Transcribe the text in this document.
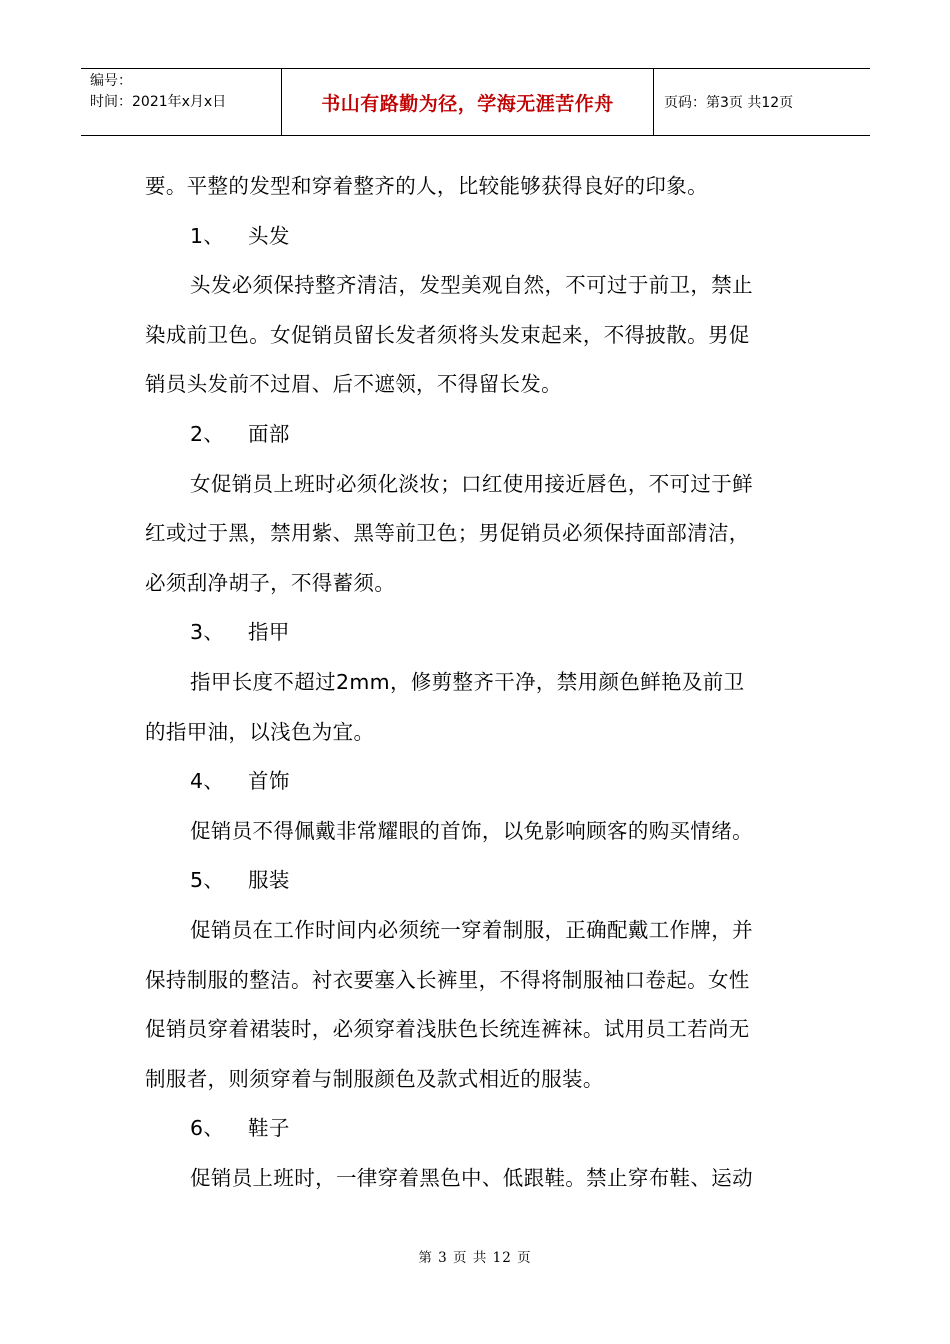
编号：
时间：2021年x月x日	书山有路勤为径，学海无涯苦作舟	页码：第3页 共12页

要。平整的发型和穿着整齐的人，比较能够获得良好的印象。

1、 头发

头发必须保持整齐清洁，发型美观自然，不可过于前卫，禁止

染成前卫色。女促销员留长发者须将头发束起来，不得披散。男促

销员头发前不过眉、后不遮领，不得留长发。

2、 面部

女促销员上班时必须化淡妆；口红使用接近唇色，不可过于鲜

红或过于黑，禁用紫、黑等前卫色；男促销员必须保持面部清洁，

必须刮净胡子，不得蓄须。

3、 指甲

指甲长度不超过2mm，修剪整齐干净，禁用颜色鲜艳及前卫

的指甲油，以浅色为宜。

4、 首饰

促销员不得佩戴非常耀眼的首饰，以免影响顾客的购买情绪。

5、 服装

促销员在工作时间内必须统一穿着制服，正确配戴工作牌，并

保持制服的整洁。衬衣要塞入长裤里，不得将制服袖口卷起。女性

促销员穿着裙装时，必须穿着浅肤色长统连裤袜。试用员工若尚无

制服者，则须穿着与制服颜色及款式相近的服装。

6、 鞋子

促销员上班时，一律穿着黑色中、低跟鞋。禁止穿布鞋、运动

第 3 页 共 12 页
